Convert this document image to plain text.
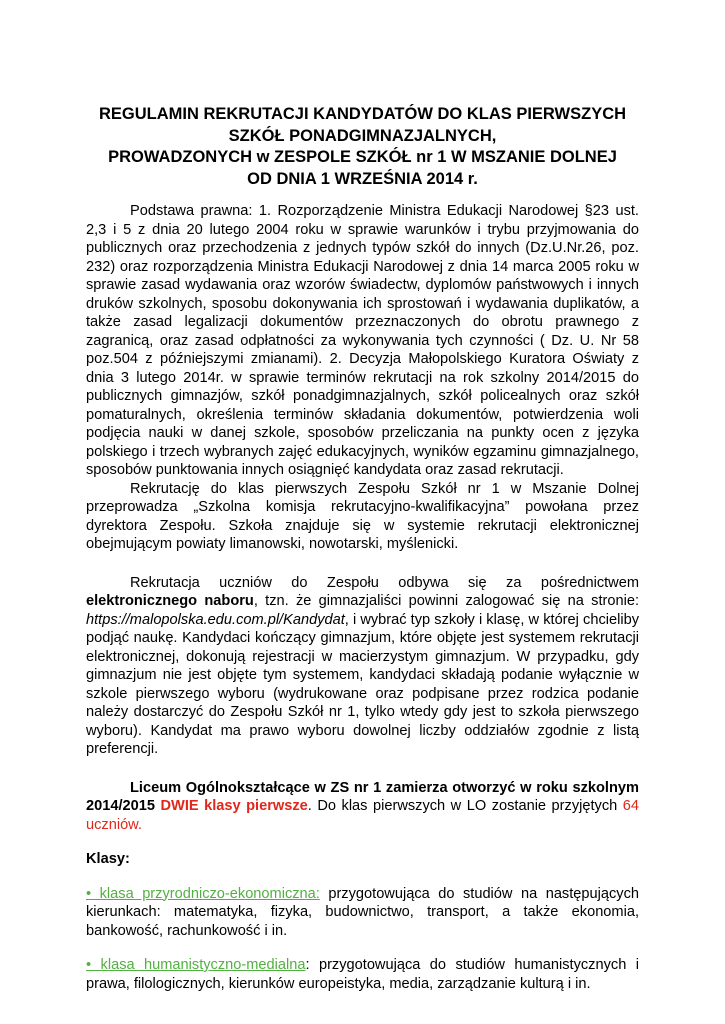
REGULAMIN REKRUTACJI KANDYDATÓW DO KLAS PIERWSZYCH
SZKÓŁ PONADGIMNAZJALNYCH,
PROWADZONYCH w ZESPOLE SZKÓŁ nr 1 W MSZANIE DOLNEJ
OD DNIA 1 WRZEŚNIA 2014 r.

Podstawa prawna: 1. Rozporządzenie Ministra Edukacji Narodowej §23 ust. 2,3 i 5 z dnia 20 lutego 2004 roku w sprawie warunków i trybu przyjmowania do publicznych oraz przechodzenia z jednych typów szkół do innych (Dz.U.Nr.26, poz. 232) oraz rozporządzenia Ministra Edukacji Narodowej z dnia 14 marca 2005 roku w sprawie zasad wydawania oraz wzorów świadectw, dyplomów państwowych i innych druków szkolnych, sposobu dokonywania ich sprostowań i wydawania duplikatów, a także zasad legalizacji dokumentów przeznaczonych do obrotu prawnego z zagranicą, oraz zasad odpłatności za wykonywania tych czynności ( Dz. U. Nr 58 poz.504 z późniejszymi zmianami). 2. Decyzja Małopolskiego Kuratora Oświaty z dnia 3 lutego 2014r. w sprawie terminów rekrutacji na rok szkolny 2014/2015 do publicznych gimnazjów, szkół ponadgimnazjalnych, szkół policealnych oraz szkół pomaturalnych, określenia terminów składania dokumentów, potwierdzenia woli podjęcia nauki w danej szkole, sposobów przeliczania na punkty ocen z języka polskiego i trzech wybranych zajęć edukacyjnych, wyników egzaminu gimnazjalnego, sposobów punktowania innych osiągnięć kandydata oraz zasad rekrutacji.

Rekrutację do klas pierwszych Zespołu Szkół nr 1 w Mszanie Dolnej przeprowadza „Szkolna komisja rekrutacyjno-kwalifikacyjna” powołana przez dyrektora Zespołu. Szkoła znajduje się w systemie rekrutacji elektronicznej obejmującym powiaty limanowski, nowotarski, myślenicki.

Rekrutacja uczniów do Zespołu odbywa się za pośrednictwem elektronicznego naboru, tzn. że gimnazjaliści powinni zalogować się na stronie: https://malopolska.edu.com.pl/Kandydat, i wybrać typ szkoły i klasę, w której chcieliby podjąć naukę. Kandydaci kończący gimnazjum, które objęte jest systemem rekrutacji elektronicznej, dokonują rejestracji w macierzystym gimnazjum. W przypadku, gdy gimnazjum nie jest objęte tym systemem, kandydaci składają podanie wyłącznie w szkole pierwszego wyboru (wydrukowane oraz podpisane przez rodzica podanie należy dostarczyć do Zespołu Szkół nr 1, tylko wtedy gdy jest to szkoła pierwszego wyboru). Kandydat ma prawo wyboru dowolnej liczby oddziałów zgodnie z listą preferencji.

Liceum Ogólnokształcące w ZS nr 1 zamierza otworzyć w roku szkolnym 2014/2015 DWIE klasy pierwsze. Do klas pierwszych w LO zostanie przyjętych 64 uczniów.

Klasy:

• klasa przyrodniczo-ekonomiczna: przygotowująca do studiów na następujących kierunkach: matematyka, fizyka, budownictwo, transport, a także ekonomia, bankowość, rachunkowość i in.

• klasa humanistyczno-medialna: przygotowująca do studiów humanistycznych i prawa, filologicznych, kierunków europeistyka, media, zarządzanie kulturą i in.
